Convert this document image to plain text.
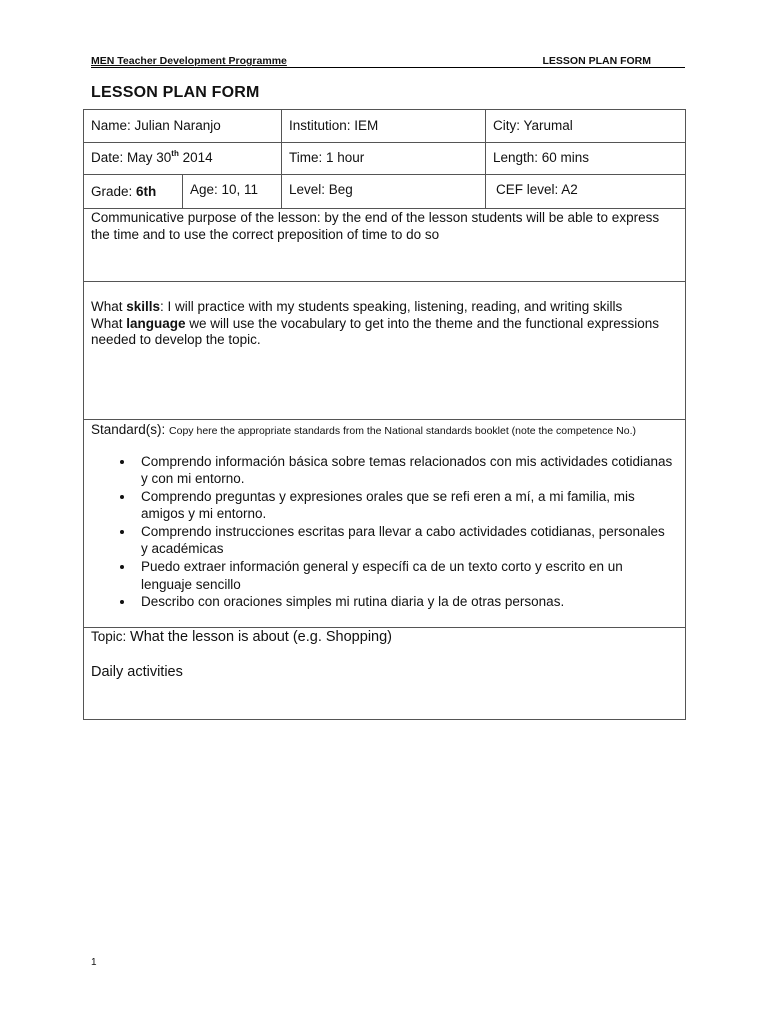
MEN Teacher Development Programme	LESSON PLAN FORM
LESSON PLAN FORM
Name: Julian Naranjo	Institution: IEM	City: Yarumal
Date: May 30th 2014	Time: 1 hour	Length: 60 mins
Grade: 6th Age: 10, 11 Level: Beg	CEF level: A2
Communicative purpose of the lesson: by the end of the lesson students will be able to express the time and to use the correct preposition of time to do so
What skills: I will practice with my students speaking, listening, reading, and writing skills
What language we will use the vocabulary to get into the theme and the functional expressions needed to develop the topic.
Standard(s): Copy here the appropriate standards from the National standards booklet (note the competence No.)
• Comprendo información básica sobre temas relacionados con mis actividades cotidianas y con mi entorno.
• Comprendo preguntas y expresiones orales que se refi eren a mí, a mi familia, mis amigos y mi entorno.
• Comprendo instrucciones escritas para llevar a cabo actividades cotidianas, personales y académicas
• Puedo extraer información general y específi ca de un texto corto y escrito en un lenguaje sencillo
• Describo con oraciones simples mi rutina diaria y la de otras personas.
Topic: What the lesson is about (e.g. Shopping)
Daily activities
1
